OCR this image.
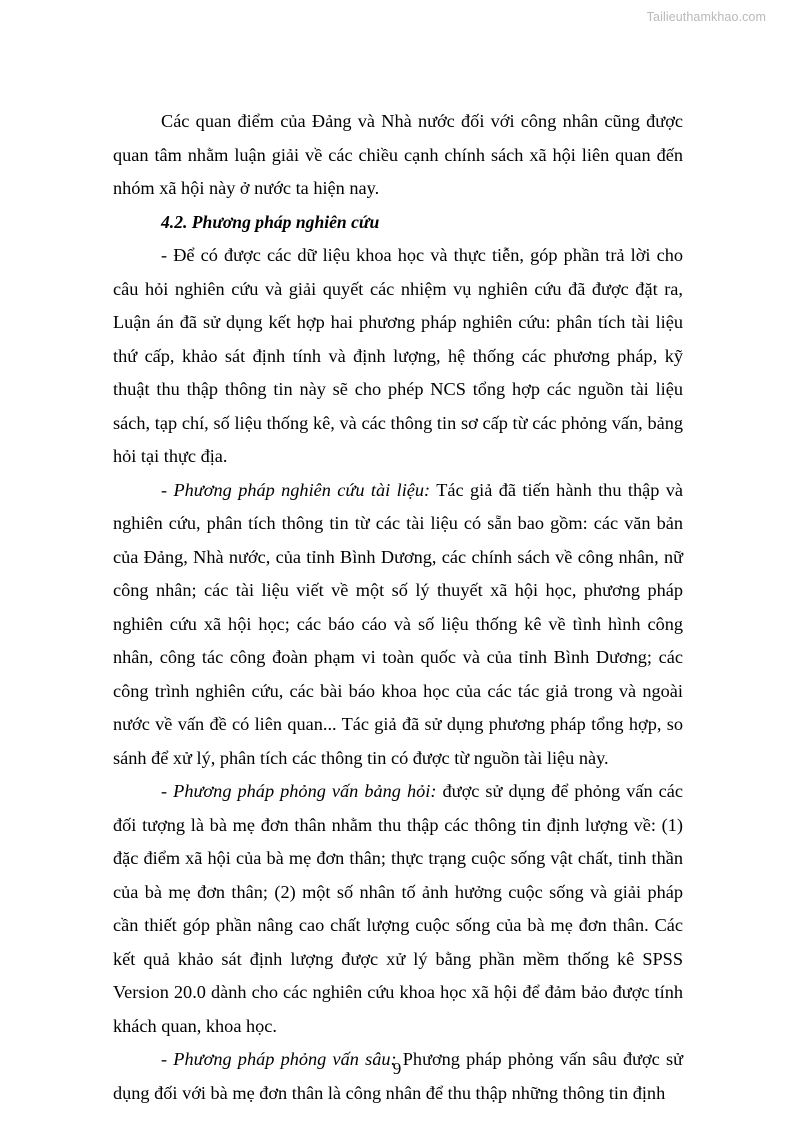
Tailieuthamkhao.com

Các quan điểm của Đảng và Nhà nước đối với công nhân cũng được quan tâm nhằm luận giải về các chiều cạnh chính sách xã hội liên quan đến nhóm xã hội này ở nước ta hiện nay.

4.2. Phương pháp nghiên cứu

- Để có được các dữ liệu khoa học và thực tiễn, góp phần trả lời cho câu hỏi nghiên cứu và giải quyết các nhiệm vụ nghiên cứu đã được đặt ra, Luận án đã sử dụng kết hợp hai phương pháp nghiên cứu: phân tích tài liệu thứ cấp, khảo sát định tính và định lượng, hệ thống các phương pháp, kỹ thuật thu thập thông tin này sẽ cho phép NCS tổng hợp các nguồn tài liệu sách, tạp chí, số liệu thống kê, và các thông tin sơ cấp từ các phỏng vấn, bảng hỏi tại thực địa.

- Phương pháp nghiên cứu tài liệu: Tác giả đã tiến hành thu thập và nghiên cứu, phân tích thông tin từ các tài liệu có sẵn bao gồm: các văn bản của Đảng, Nhà nước, của tỉnh Bình Dương, các chính sách về công nhân, nữ công nhân; các tài liệu viết về một số lý thuyết xã hội học, phương pháp nghiên cứu xã hội học; các báo cáo và số liệu thống kê về tình hình công nhân, công tác công đoàn phạm vi toàn quốc và của tỉnh Bình Dương; các công trình nghiên cứu, các bài báo khoa học của các tác giả trong và ngoài nước về vấn đề có liên quan... Tác giả đã sử dụng phương pháp tổng hợp, so sánh để xử lý, phân tích các thông tin có được từ nguồn tài liệu này.

- Phương pháp phỏng vấn bảng hỏi: được sử dụng để phỏng vấn các đối tượng là bà mẹ đơn thân nhằm thu thập các thông tin định lượng về: (1) đặc điểm xã hội của bà mẹ đơn thân; thực trạng cuộc sống vật chất, tinh thần của bà mẹ đơn thân; (2) một số nhân tố ảnh hưởng cuộc sống và giải pháp cần thiết góp phần nâng cao chất lượng cuộc sống của bà mẹ đơn thân. Các kết quả khảo sát định lượng được xử lý bằng phần mềm thống kê SPSS Version 20.0 dành cho các nghiên cứu khoa học xã hội để đảm bảo được tính khách quan, khoa học.

- Phương pháp phỏng vấn sâu: Phương pháp phỏng vấn sâu được sử dụng đối với bà mẹ đơn thân là công nhân để thu thập những thông tin định

9
